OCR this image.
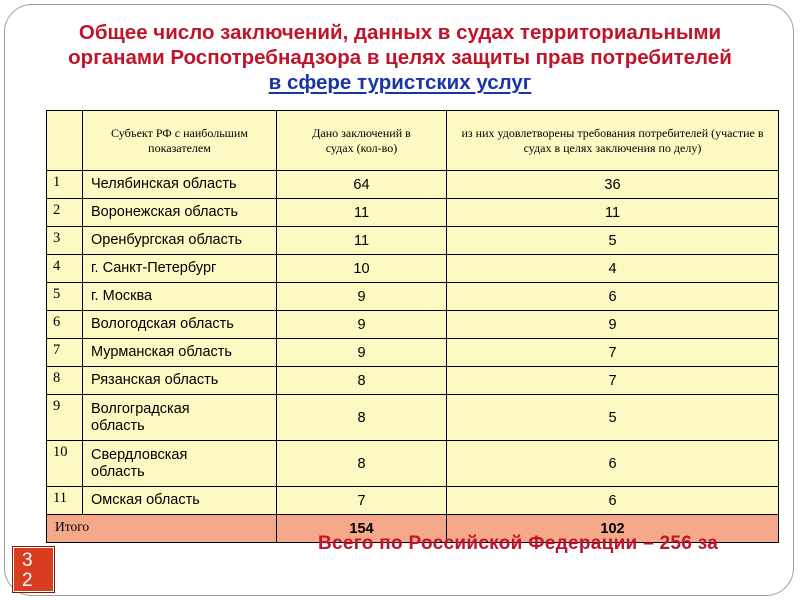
Общее число заключений, данных в судах территориальными
органами Роспотребнадзора в целях защиты прав потребителей
в сфере туристских услуг
	Субъект РФ с наибольшим показателем	Дано заключений в судах (кол-во)	из них удовлетворены требования потребителей (участие в судах в целях заключения по делу)
1	Челябинская область	64	36
2	Воронежская область	11	11
3	Оренбургская область	11	5
4	г. Санкт-Петербург	10	4
5	г. Москва	9	6
6	Вологодская область	9	9
7	Мурманская область	9	7
8	Рязанская область	8	7
9	Волгоградская область	8	5
10	Свердловская область	8	6
11	Омская область	7	6
Итого		154	102
Всего по Российской Федерации – 256 за
32
